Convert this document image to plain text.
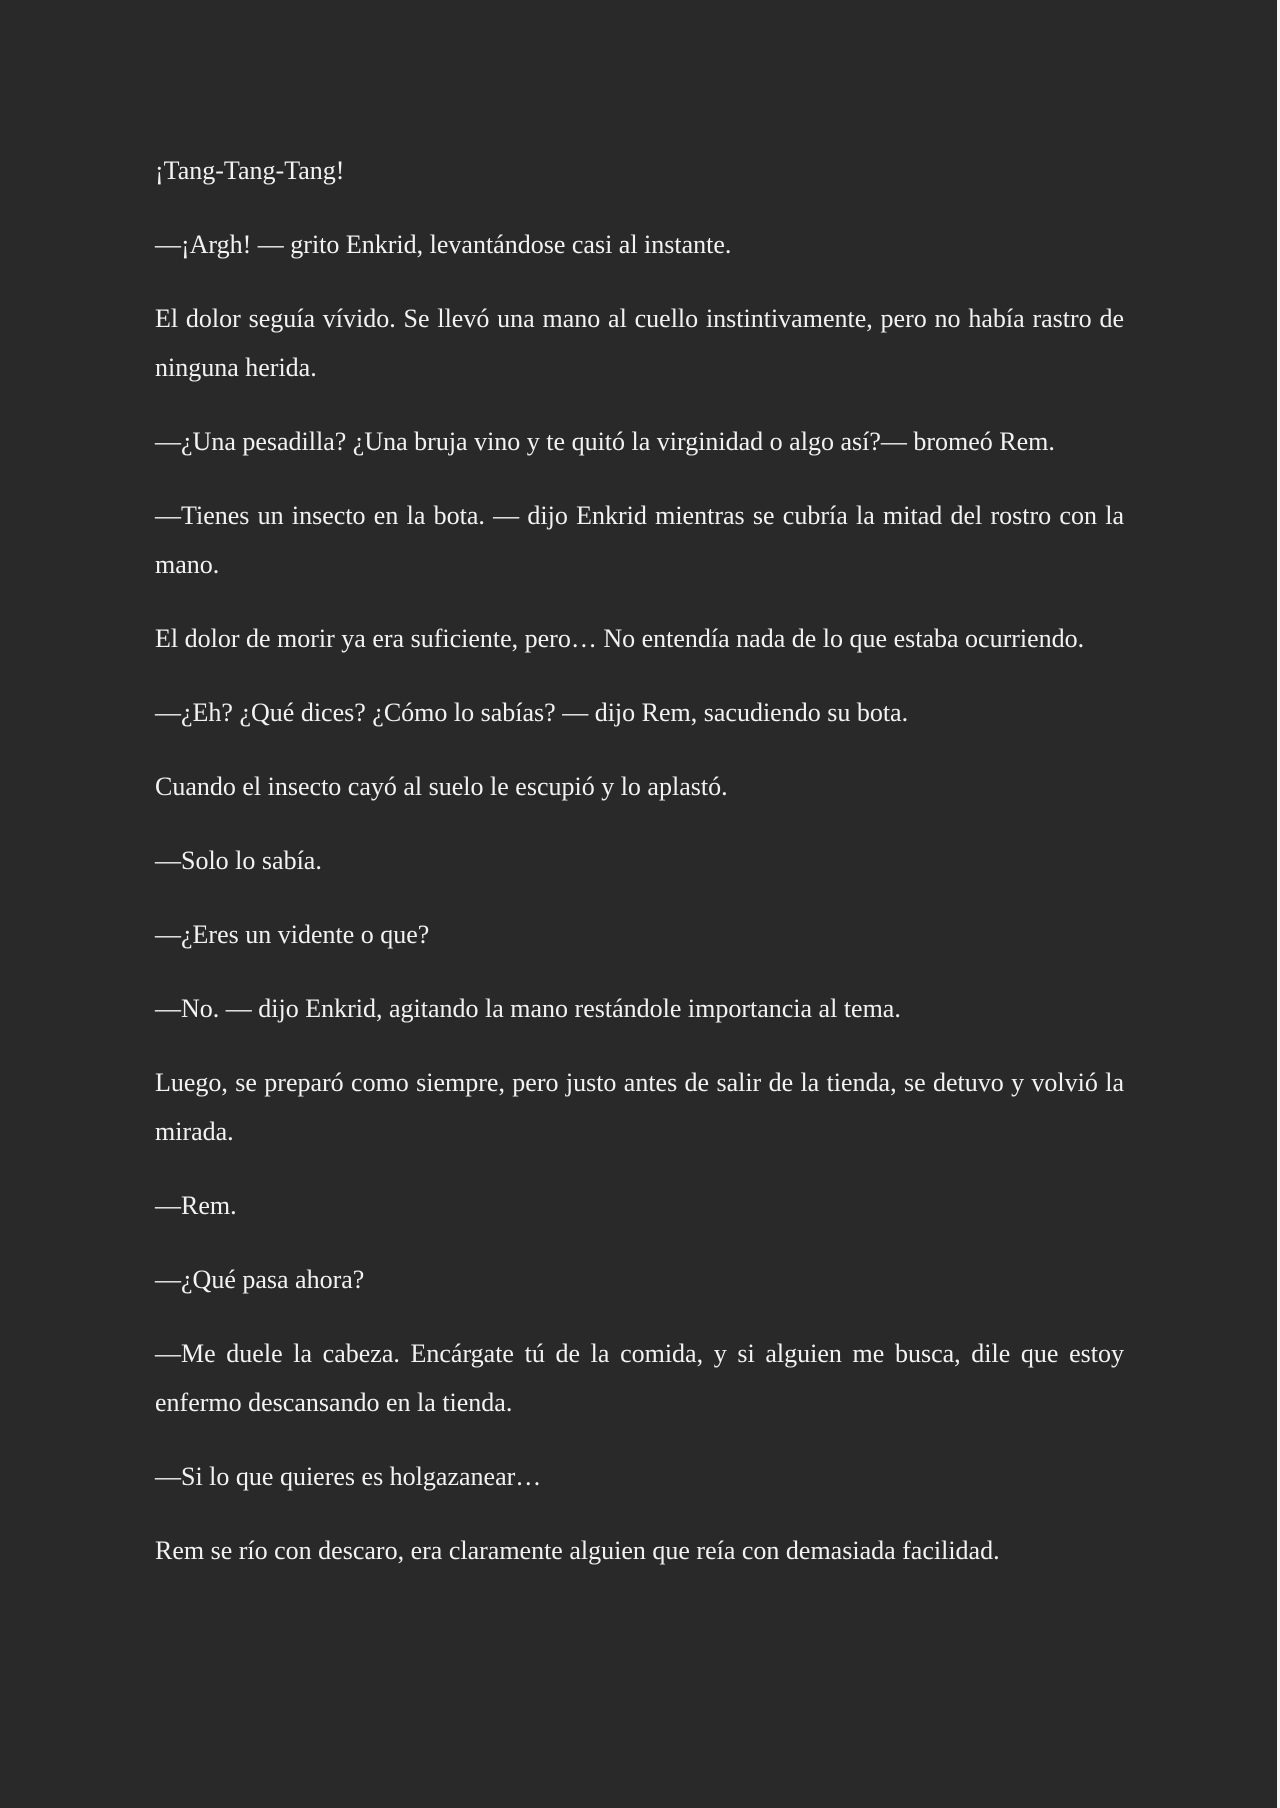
¡Tang-Tang-Tang!

—¡Argh! — grito Enkrid, levantándose casi al instante.

El dolor seguía vívido. Se llevó una mano al cuello instintivamente, pero no había rastro de ninguna herida.

—¿Una pesadilla? ¿Una bruja vino y te quitó la virginidad o algo así?— bromeó Rem.

—Tienes un insecto en la bota. — dijo Enkrid mientras se cubría la mitad del rostro con la mano.

El dolor de morir ya era suficiente, pero… No entendía nada de lo que estaba ocurriendo.

—¿Eh? ¿Qué dices? ¿Cómo lo sabías? — dijo Rem, sacudiendo su bota.

Cuando el insecto cayó al suelo le escupió y lo aplastó.

—Solo lo sabía.

—¿Eres un vidente o que?

—No. — dijo Enkrid, agitando la mano restándole importancia al tema.

Luego, se preparó como siempre, pero justo antes de salir de la tienda, se detuvo y volvió la mirada.

—Rem.

—¿Qué pasa ahora?

—Me duele la cabeza. Encárgate tú de la comida, y si alguien me busca, dile que estoy enfermo descansando en la tienda.

—Si lo que quieres es holgazanear…

Rem se río con descaro, era claramente alguien que reía con demasiada facilidad.
